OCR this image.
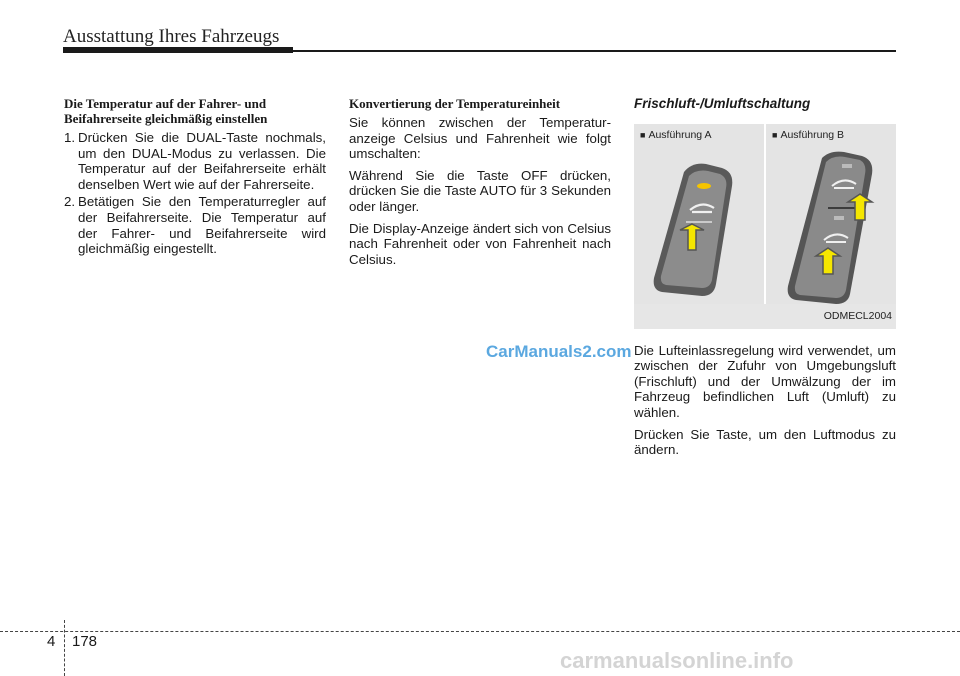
Ausstattung Ihres Fahrzeugs
Die Temperatur auf der Fahrer- und
Beifahrerseite gleichmäßig einstellen
1. Drücken Sie die DUAL-Taste nochmals, um den DUAL-Modus zu verlassen. Die Temperatur auf der Beifahrerseite erhält denselben Wert wie auf der Fahrerseite.
2. Betätigen Sie den Temperaturregler auf der Beifahrerseite. Die Temperatur auf der Fahrer- und Beifahrerseite wird gleichmäßig eingestellt.
Konvertierung der Temperatureinheit

Sie können zwischen der Temperatur-anzeige Celsius und Fahrenheit wie folgt umschalten:

Während Sie die Taste OFF drücken, drücken Sie die Taste AUTO für 3 Sekunden oder länger.

Die Display-Anzeige ändert sich von Celsius nach Fahrenheit oder von Fahrenheit nach Celsius.

Frischluft-/Umluftschaltung
■ Ausführung A	■ Ausführung B
ODMECL2004

Die Lufteinlassregelung wird verwendet, um zwischen der Zufuhr von Umgebungsluft (Frischluft) und der Umwälzung der im Fahrzeug befindlichen Luft (Umluft) zu wählen.

Drücken Sie Taste, um den Luftmodus zu ändern.

CarManuals2.com
4 178
carmanualsonline.info
